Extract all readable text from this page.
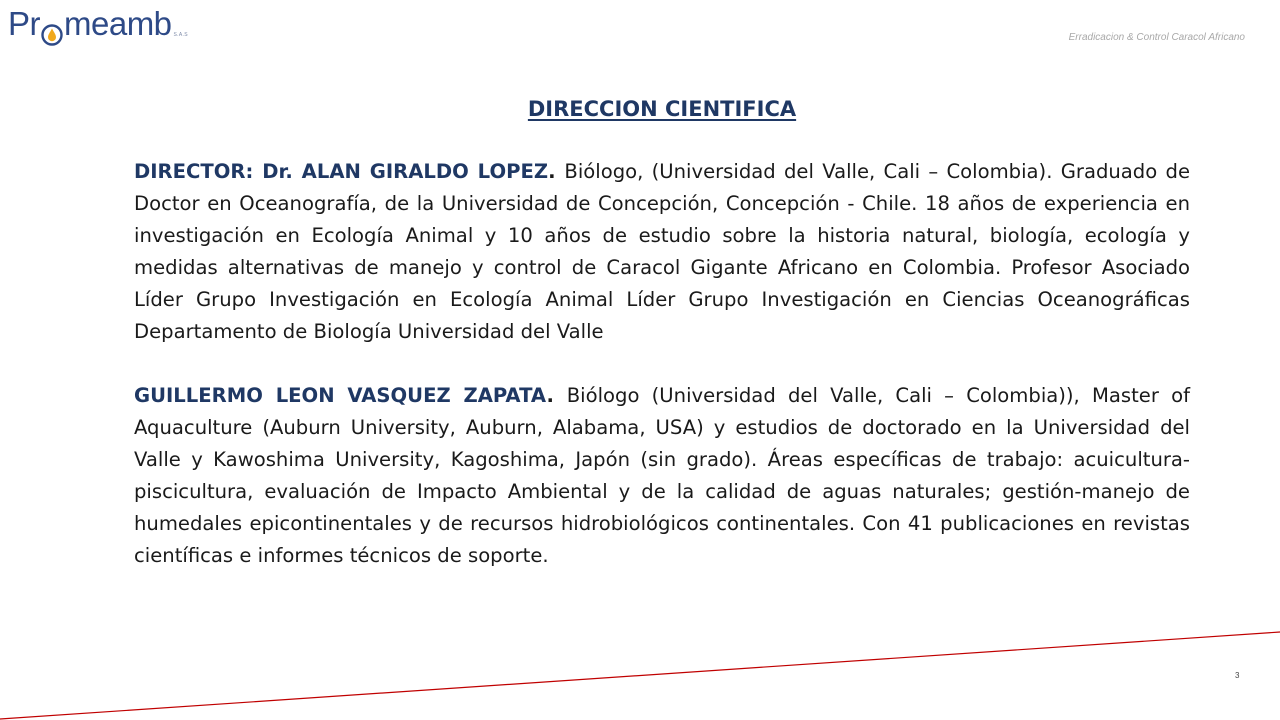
Pr meamb S.A.S	Erradicacion & Control Caracol Africano
DIRECCION CIENTIFICA

DIRECTOR: Dr. ALAN GIRALDO LOPEZ. Biólogo, (Universidad del Valle, Cali – Colombia). Graduado de Doctor en Oceanografía, de la Universidad de Concepción, Concepción - Chile. 18 años de experiencia en investigación en Ecología Animal y 10 años de estudio sobre la historia natural, biología, ecología y medidas alternativas de manejo y control de Caracol Gigante Africano en Colombia. Profesor Asociado Líder Grupo Investigación en Ecología Animal Líder Grupo Investigación en Ciencias Oceanográficas Departamento de Biología Universidad del Valle

GUILLERMO LEON VASQUEZ ZAPATA. Biólogo (Universidad del Valle, Cali – Colombia)), Master of Aquaculture (Auburn University, Auburn, Alabama, USA) y estudios de doctorado en la Universidad del Valle y Kawoshima University, Kagoshima, Japón (sin grado). Áreas específicas de trabajo: acuicultura-piscicultura, evaluación de Impacto Ambiental y de la calidad de aguas naturales; gestión-manejo de humedales epicontinentales y de recursos hidrobiológicos continentales. Con 41 publicaciones en revistas científicas e informes técnicos de soporte.

3
